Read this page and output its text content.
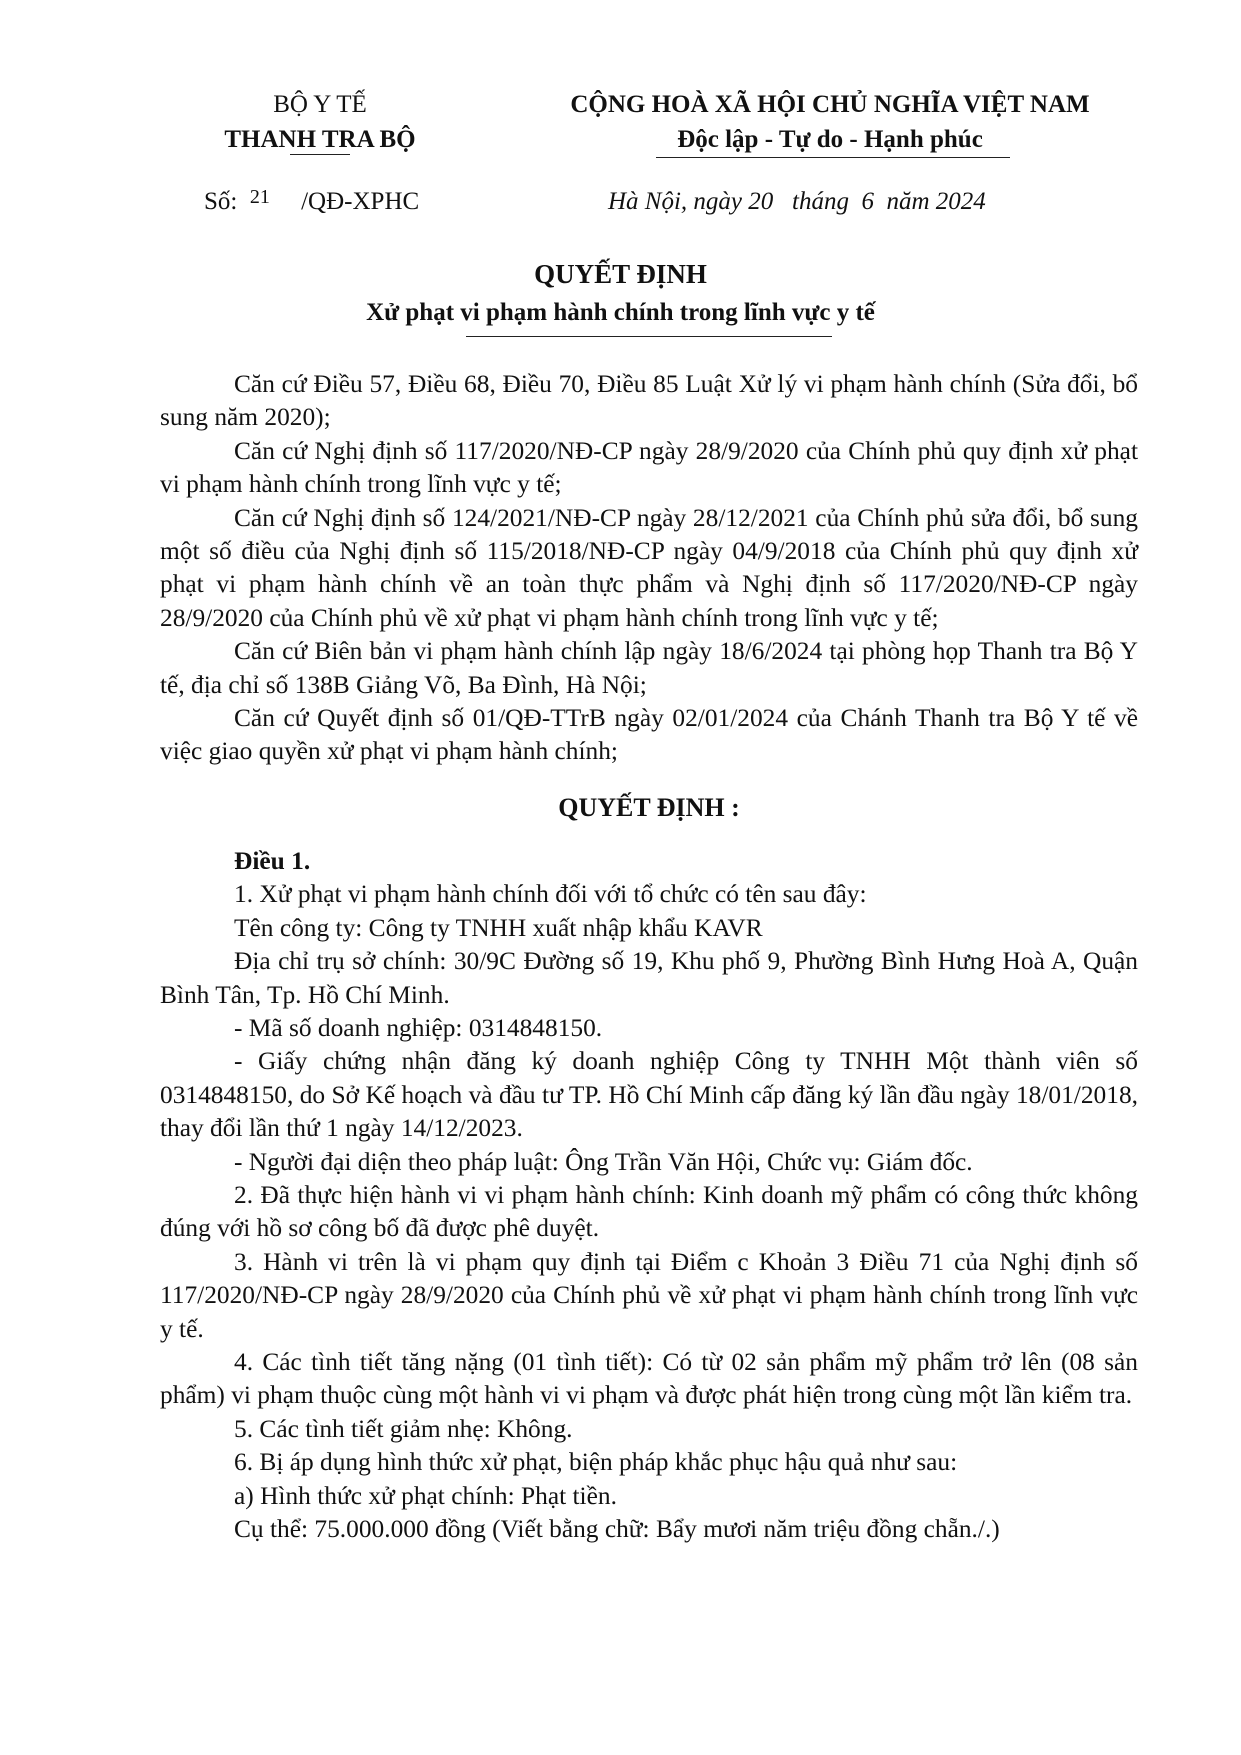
BỘ Y TẾ
THANH TRA BỘ
CỘNG HOÀ XÃ HỘI CHỦ NGHĨA VIỆT NAM
Độc lập - Tự do - Hạnh phúc
Số: $^{21}$ /QĐ-XPHC	Hà Nội, ngày 20   tháng  6  năm 2024
QUYẾT ĐỊNH
Xử phạt vi phạm hành chính trong lĩnh vực y tế

Căn cứ Điều 57, Điều 68, Điều 70, Điều 85 Luật Xử lý vi phạm hành chính (Sửa đổi, bổ sung năm 2020);

Căn cứ Nghị định số 117/2020/NĐ-CP ngày 28/9/2020 của Chính phủ quy định xử phạt vi phạm hành chính trong lĩnh vực y tế;

Căn cứ Nghị định số 124/2021/NĐ-CP ngày 28/12/2021 của Chính phủ sửa đổi, bổ sung một số điều của Nghị định số 115/2018/NĐ-CP ngày 04/9/2018 của Chính phủ quy định xử phạt vi phạm hành chính về an toàn thực phẩm và Nghị định số 117/2020/NĐ-CP ngày 28/9/2020 của Chính phủ về xử phạt vi phạm hành chính trong lĩnh vực y tế;

Căn cứ Biên bản vi phạm hành chính lập ngày 18/6/2024 tại phòng họp Thanh tra Bộ Y tế, địa chỉ số 138B Giảng Võ, Ba Đình, Hà Nội;

Căn cứ Quyết định số 01/QĐ-TTrB ngày 02/01/2024 của Chánh Thanh tra Bộ Y tế về việc giao quyền xử phạt vi phạm hành chính;

QUYẾT ĐỊNH :

Điều 1.

1. Xử phạt vi phạm hành chính đối với tổ chức có tên sau đây:

Tên công ty: Công ty TNHH xuất nhập khẩu KAVR

Địa chỉ trụ sở chính: 30/9C Đường số 19, Khu phố 9, Phường Bình Hưng Hoà A, Quận Bình Tân, Tp. Hồ Chí Minh.

- Mã số doanh nghiệp: 0314848150.

- Giấy chứng nhận đăng ký doanh nghiệp Công ty TNHH Một thành viên số 0314848150, do Sở Kế hoạch và đầu tư TP. Hồ Chí Minh cấp đăng ký lần đầu ngày 18/01/2018, thay đổi lần thứ 1 ngày 14/12/2023.

- Người đại diện theo pháp luật: Ông Trần Văn Hội, Chức vụ: Giám đốc.

2. Đã thực hiện hành vi vi phạm hành chính: Kinh doanh mỹ phẩm có công thức không đúng với hồ sơ công bố đã được phê duyệt.

3. Hành vi trên là vi phạm quy định tại Điểm c Khoản 3 Điều 71 của Nghị định số 117/2020/NĐ-CP ngày 28/9/2020 của Chính phủ về xử phạt vi phạm hành chính trong lĩnh vực y tế.

4. Các tình tiết tăng nặng (01 tình tiết): Có từ 02 sản phẩm mỹ phẩm trở lên (08 sản phẩm) vi phạm thuộc cùng một hành vi vi phạm và được phát hiện trong cùng một lần kiểm tra.

5. Các tình tiết giảm nhẹ: Không.

6. Bị áp dụng hình thức xử phạt, biện pháp khắc phục hậu quả như sau:

a) Hình thức xử phạt chính: Phạt tiền.

Cụ thể: 75.000.000 đồng (Viết bằng chữ: Bẩy mươi năm triệu đồng chẵn./.)
